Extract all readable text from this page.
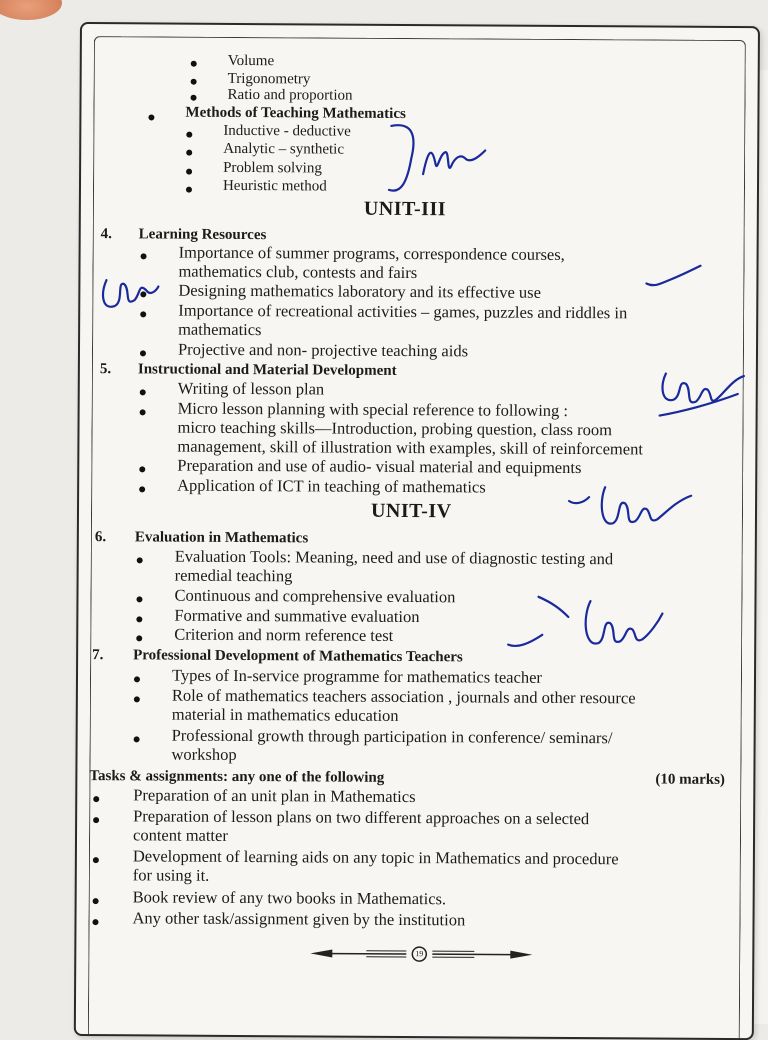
Volume
Trigonometry
Ratio and proportion
Methods of Teaching Mathematics
Inductive - deductive
Analytic – synthetic
Problem solving
Heuristic method
UNIT-III
4. Learning Resources
Importance of summer programs, correspondence courses,
mathematics club, contests and fairs
Designing mathematics laboratory and its effective use
Importance of recreational activities – games, puzzles and riddles in
mathematics
Projective and non- projective teaching aids
5. Instructional and Material Development
Writing of lesson plan
Micro lesson planning with special reference to following :
micro teaching skills—Introduction, probing question, class room
management, skill of illustration with examples, skill of reinforcement
Preparation and use of audio- visual material and equipments
Application of ICT in teaching of mathematics
UNIT-IV
6. Evaluation in Mathematics
Evaluation Tools: Meaning, need and use of diagnostic testing and
remedial teaching
Continuous and comprehensive evaluation
Formative and summative evaluation
Criterion and norm reference test
7. Professional Development of Mathematics Teachers
Types of In-service programme for mathematics teacher
Role of mathematics teachers association , journals and other resource
material in mathematics education
Professional growth through participation in conference/ seminars/
workshop
Tasks & assignments: any one of the following	(10 marks)
Preparation of an unit plan in Mathematics
Preparation of lesson plans on two different approaches on a selected
content matter
Development of learning aids on any topic in Mathematics and procedure
for using it.
Book review of any two books in Mathematics.
Any other task/assignment given by the institution
19
